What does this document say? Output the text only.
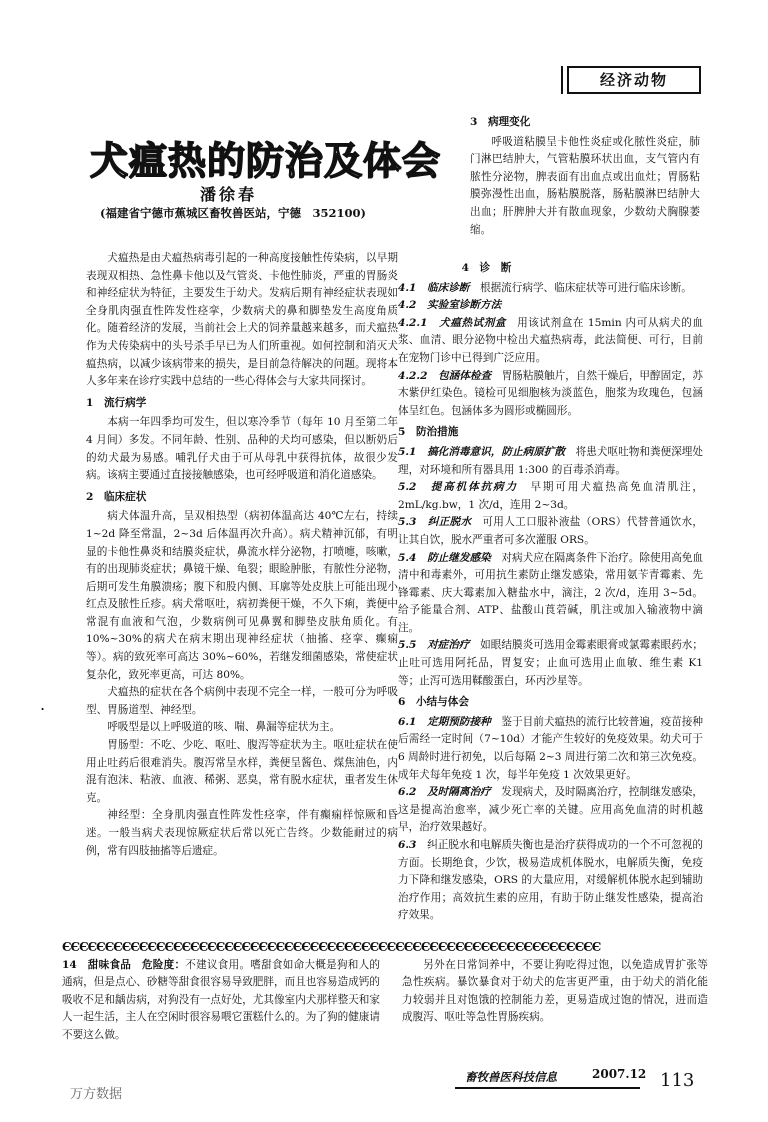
经济动物
犬瘟热的防治及体会
潘徐春
(福建省宁德市蕉城区畜牧兽医站，宁德　352100)

犬瘟热是由犬瘟热病毒引起的一种高度接触性传染病，以早期表现双相热、急性鼻卡他以及气管炎、卡他性肺炎，严重的胃肠炎和神经症状为特征，主要发生于幼犬。发病后期有神经症状表现如全身肌肉强直性阵发性痉挛，少数病犬的鼻和脚垫发生高度角质化。随着经济的发展，当前社会上犬的饲养量越来越多，而犬瘟热作为犬传染病中的头号杀手早已为人们所重视。如何控制和消灭犬瘟热病，以减少该病带来的损失，是目前急待解决的问题。现将本人多年来在诊疗实践中总结的一些心得体会与大家共同探讨。

1　流行病学

本病一年四季均可发生，但以寒冷季节（每年 10 月至第二年 4 月间）多发。不同年龄、性别、品种的犬均可感染，但以断奶后的幼犬最为易感。哺乳仔犬由于可从母乳中获得抗体，故很少发病。该病主要通过直接接触感染，也可经呼吸道和消化道感染。

2　临床症状

病犬体温升高，呈双相热型（病初体温高达 40℃左右，持续 1~2d 降至常温，2~3d 后体温再次升高）。病犬精神沉郁，有明显的卡他性鼻炎和结膜炎症状，鼻流水样分泌物，打喷嚏，咳嗽，有的出现肺炎症状；鼻镜干燥、龟裂；眼睑肿胀，有脓性分泌物，后期可发生角膜溃疡；腹下和股内侧、耳廓等处皮肤上可能出现小红点及脓性丘疹。病犬常呕吐，病初粪便干燥，不久下痢，粪便中常混有血液和气泡，少数病例可见鼻翼和脚垫皮肤角质化。有 10%~30%的病犬在病末期出现神经症状（抽搐、痉挛、癫痫等）。病的致死率可高达 30%~60%，若继发细菌感染，常使症状复杂化，致死率更高，可达 80%。

犬瘟热的症状在各个病例中表现不完全一样，一般可分为呼吸型、胃肠道型、神经型。

呼吸型是以上呼吸道的咳、喘、鼻漏等症状为主。

胃肠型：不吃、少吃、呕吐、腹泻等症状为主。呕吐症状在使用止吐药后很难消失。腹泻常呈水样，粪便呈酱色、煤焦油色，内混有泡沫、粘液、血液、稀粥、恶臭，常有脱水症状，重者发生休克。

神经型：全身肌肉强直性阵发性痉挛，伴有癫痫样惊厥和昏迷。一般当病犬表现惊厥症状后常以死亡告终。少数能耐过的病例，常有四肢抽搐等后遗症。

.
3　病理变化

呼吸道粘膜呈卡他性炎症或化脓性炎症，肺门淋巴结肿大，气管粘膜环状出血，支气管内有脓性分泌物，脾表面有出血点或出血灶；胃肠粘膜弥漫性出血，肠粘膜脱落，肠粘膜淋巴结肿大出血；肝脾肿大并有散血现象，少数幼犬胸腺萎缩。

4　诊　断

4.1　临床诊断　 根据流行病学、临床症状等可进行临床诊断。

4.2　实验室诊断方法

4.2.1　犬瘟热试剂盒　 用该试剂盒在 15min 内可从病犬的血浆、血清、眼分泌物中检出犬瘟热病毒，此法简便、可行，目前在宠物门诊中已得到广泛应用。

4.2.2　包涵体检查　 胃肠粘膜触片，自然干燥后，甲醇固定，苏木紫伊红染色。镜检可见细胞核为淡蓝色，胞浆为玫瑰色，包涵体呈红色。包涵体多为圆形或椭圆形。

5　防治措施

5.1　搞化消毒意识，防止病原扩散　 将患犬呕吐物和粪便深埋处理，对环境和所有器具用 1:300 的百毒杀消毒。

5.2　提高机体抗病力　 早期可用犬瘟热高免血清肌注，2mL/kg.bw，1 次/d，连用 2~3d。

5.3　纠正脱水　 可用人工口服补液盐（ORS）代替普通饮水，让其自饮，脱水严重者可多次灌服 ORS。

5.4　防止继发感染　 对病犬应在隔离条件下治疗。除使用高免血清中和毒素外，可用抗生素防止继发感染，常用氨苄青霉素、先锋霉素、庆大霉素加入糖盐水中，滴注，2 次/d，连用 3~5d。给予能量合剂、ATP、盐酸山莨菪碱，肌注或加入输液物中滴注。

5.5　对症治疗　 如眼结膜炎可选用金霉素眼膏或氯霉素眼药水；止吐可选用阿托品，胃复安；止血可选用止血敏、维生素 K1 等；止泻可选用鞣酸蛋白，环丙沙星等。

6　小结与体会

6.1　定期预防接种　 鉴于目前犬瘟热的流行比较普遍，疫苗接种后需经一定时间（7~10d）才能产生较好的免疫效果。幼犬可于 6 周龄时进行初免，以后每隔 2~3 周进行第二次和第三次免疫。成年犬每年免疫 1 次，每半年免疫 1 次效果更好。

6.2　及时隔离治疗　 发现病犬，及时隔离治疗，控制继发感染，这是提高治愈率，减少死亡率的关键。应用高免血清的时机越早，治疗效果越好。

6.3　 纠正脱水和电解质失衡也是治疗获得成功的一个不可忽视的方面。长期绝食，少饮，极易造成机体脱水，电解质失衡，免疫力下降和继发感染，ORS 的大量应用，对缓解机体脱水起到辅助治疗作用；高效抗生素的应用，有助于防止继发性感染，提高治疗效果。

ЄЄЄЄЄЄЄЄЄЄЄЄЄЄЄЄЄЄЄЄЄЄЄЄЄЄЄЄЄЄЄЄЄЄЄЄЄЄЄЄЄЄЄЄЄЄЄЄЄЄЄЄЄЄЄЄЄЄЄЄЄЄЄ
14　甜味食品　危险度：不建议食用。嗜甜食如命大概是狗和人的通病，但是点心、砂糖等甜食很容易导致肥胖，而且也容易造成钙的吸收不足和龋齿病，对狗没有一点好处，尤其像室内犬那样整天和家人一起生活，主人在空闲时很容易喂它蛋糕什么的。为了狗的健康请不要这么做。

另外在日常饲养中，不要让狗吃得过饱，以免造成胃扩张等急性疾病。暴饮暴食对于幼犬的危害更严重，由于幼犬的消化能力较弱并且对饱饿的控制能力差，更易造成过饱的情况，进而造成腹泻、呕吐等急性胃肠疾病。

畜牧兽医科技信息	2007.12 113
万方数据
